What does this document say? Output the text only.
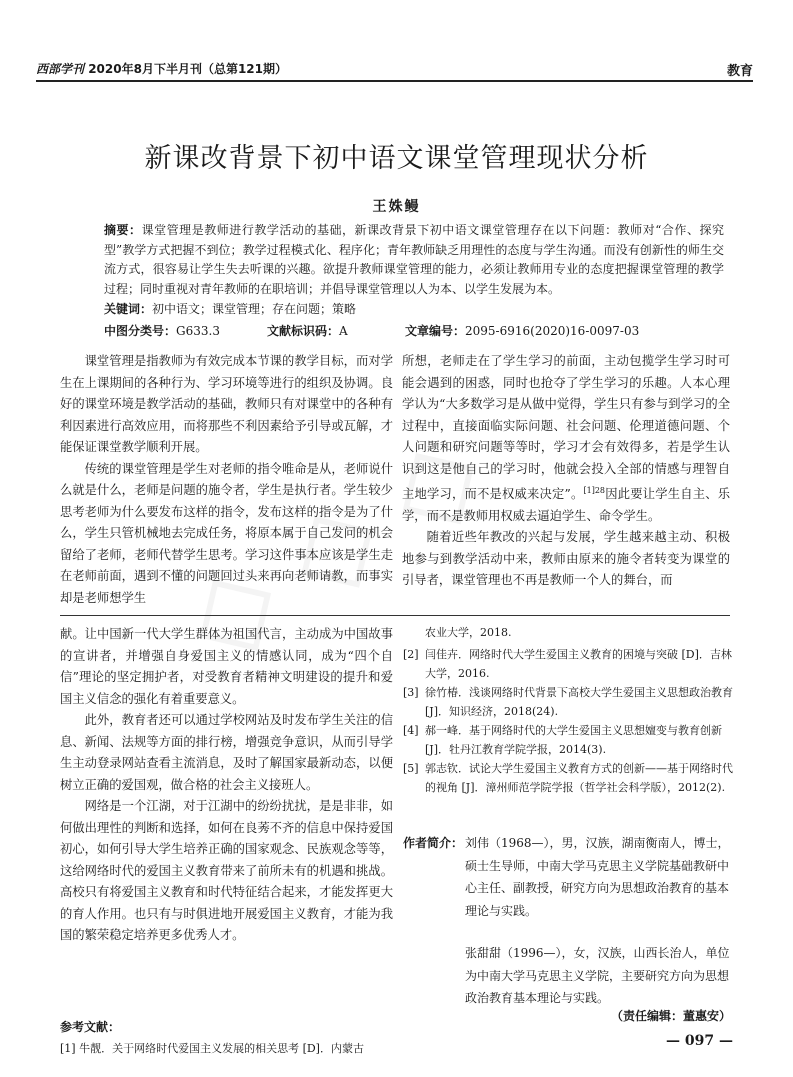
西部学刊 2020年8月下半月刊（总第121期）	教育
新课改背景下初中语文课堂管理现状分析
王姝鳗
摘要：课堂管理是教师进行教学活动的基础，新课改背景下初中语文课堂管理存在以下问题：教师对“合作、探究型”教学方式把握不到位；教学过程模式化、程序化；青年教师缺乏用理性的态度与学生沟通。而没有创新性的师生交流方式，很容易让学生失去听课的兴趣。欲提升教师课堂管理的能力，必须让教师用专业的态度把握课堂管理的教学过程；同时重视对青年教师的在职培训；并倡导课堂管理以人为本、以学生发展为本。
关键词：初中语文；课堂管理；存在问题；策略
中图分类号：G633.3	文献标识码：A	文章编号：2095-6916(2020)16-0097-03

课堂管理是指教师为有效完成本节课的教学目标，而对学生在上课期间的各种行为、学习环境等进行的组织及协调。良好的课堂环境是教学活动的基础，教师只有对课堂中的各种有利因素进行高效应用，而将那些不利因素给予引导或瓦解，才能保证课堂教学顺利开展。

传统的课堂管理是学生对老师的指令唯命是从，老师说什么就是什么，老师是问题的施令者，学生是执行者。学生较少思考老师为什么要发布这样的指令，发布这样的指令是为了什么，学生只管机械地去完成任务，将原本属于自己发问的机会留给了老师，老师代替学生思考。学习这件事本应该是学生走在老师前面，遇到不懂的问题回过头来再向老师请教，而事实却是老师想学生

所想，老师走在了学生学习的前面，主动包揽学生学习时可能会遇到的困惑，同时也抢夺了学生学习的乐趣。人本心理学认为“大多数学习是从做中觉得，学生只有参与到学习的全过程中，直接面临实际问题、社会问题、伦理道德问题、个人问题和研究问题等等时，学习才会有效得多，若是学生认识到这是他自己的学习时，他就会投入全部的情感与理智自主地学习，而不是权威来决定”。$^{[1]28}$因此要让学生自主、乐学，而不是教师用权威去逼迫学生、命令学生。

随着近些年教改的兴起与发展，学生越来越主动、积极地参与到教学活动中来，教师由原来的施令者转变为课堂的引导者，课堂管理也不再是教师一个人的舞台，而

献。让中国新一代大学生群体为祖国代言，主动成为中国故事的宣讲者，并增强自身爱国主义的情感认同，成为“四个自信”理论的坚定拥护者，对受教育者精神文明建设的提升和爱国主义信念的强化有着重要意义。

此外，教育者还可以通过学校网站及时发布学生关注的信息、新闻、法规等方面的排行榜，增强竞争意识，从而引导学生主动登录网站查看主流消息，及时了解国家最新动态，以便树立正确的爱国观，做合格的社会主义接班人。

网络是一个江湖，对于江湖中的纷纷扰扰，是是非非，如何做出理性的判断和选择，如何在良莠不齐的信息中保持爱国初心，如何引导大学生培养正确的国家观念、民族观念等等，这给网络时代的爱国主义教育带来了前所未有的机遇和挑战。高校只有将爱国主义教育和时代特征结合起来，才能发挥更大的育人作用。也只有与时俱进地开展爱国主义教育，才能为我国的繁荣稳定培养更多优秀人才。

参考文献：
[1] 牛靓．关于网络时代爱国主义发展的相关思考 [D]．内蒙古
农业大学，2018.
[2] 闫佳卉．网络时代大学生爱国主义教育的困境与突破 [D]．吉林大学，2016.
[3] 徐竹椿．浅谈网络时代背景下高校大学生爱国主义思想政治教育 [J]．知识经济，2018(24).
[4] 郝一峰．基于网络时代的大学生爱国主义思想嬗变与教育创新 [J]．牡丹江教育学院学报，2014(3).
[5] 郭志钦．试论大学生爱国主义教育方式的创新——基于网络时代的视角 [J]．漳州师范学院学报（哲学社会科学版），2012(2).
作者简介： 刘伟（1968—），男，汉族，湖南衡南人，博士，硕士生导师，中南大学马克思主义学院基础教研中心主任、副教授，研究方向为思想政治教育的基本理论与实践。
张甜甜（1996—），女，汉族，山西长治人，单位为中南大学马克思主义学院，主要研究方向为思想政治教育基本理论与实践。
（责任编辑：董惠安）
— 097 —
